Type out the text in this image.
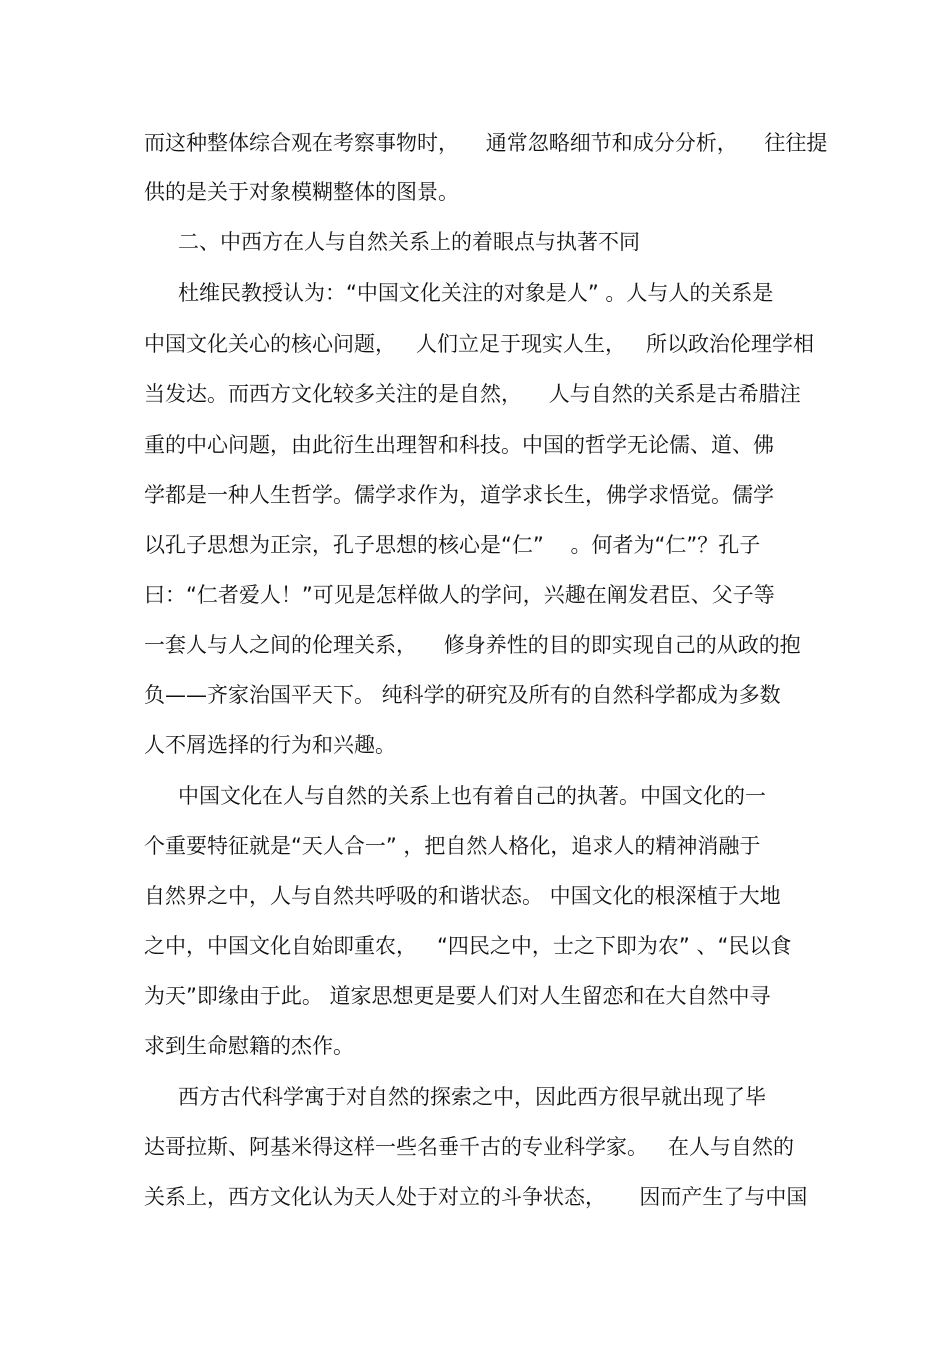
而这种整体综合观在考察事物时，    通常忽略细节和成分分析，    往往提

供的是关于对象模糊整体的图景。

二、中西方在人与自然关系上的着眼点与执著不同

杜维民教授认为：“中国文化关注的对象是人” 。人与人的关系是

中国文化关心的核心问题，   人们立足于现实人生，   所以政治伦理学相

当发达。而西方文化较多关注的是自然，    人与自然的关系是古希腊注

重的中心问题，由此衍生出理智和科技。中国的哲学无论儒、道、佛

学都是一种人生哲学。儒学求作为，道学求长生，佛学求悟觉。儒学

以孔子思想为正宗，孔子思想的核心是“仁”    。何者为“仁”？孔子

曰：“仁者爱人！”可见是怎样做人的学问，兴趣在阐发君臣、父子等

一套人与人之间的伦理关系，    修身养性的目的即实现自己的从政的抱

负——齐家治国平天下。 纯科学的研究及所有的自然科学都成为多数

人不屑选择的行为和兴趣。

中国文化在人与自然的关系上也有着自己的执著。中国文化的一

个重要特征就是“天人合一” ，把自然人格化，追求人的精神消融于

自然界之中，人与自然共呼吸的和谐状态。 中国文化的根深植于大地

之中，中国文化自始即重农，   “四民之中，士之下即为农” 、“民以食

为天”即缘由于此。 道家思想更是要人们对人生留恋和在大自然中寻

求到生命慰籍的杰作。

西方古代科学寓于对自然的探索之中，因此西方很早就出现了毕

达哥拉斯、阿基米得这样一些名垂千古的专业科学家。   在人与自然的

关系上，西方文化认为天人处于对立的斗争状态，     因而产生了与中国
